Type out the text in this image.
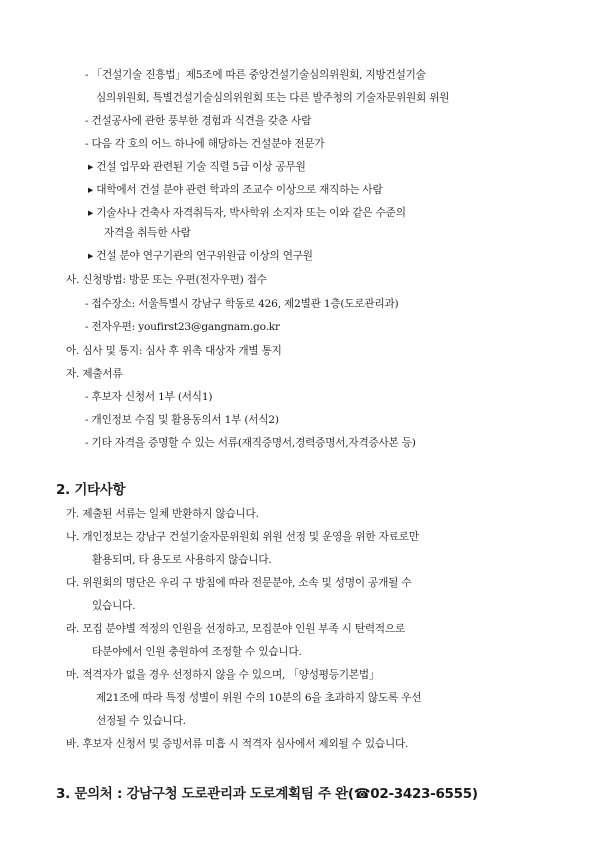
- 「건설기술 진흥법」제5조에 따른 중앙건설기술심의위원회, 지방건설기술
심의위원회, 특별건설기술심의위원회 또는 다른 발주청의 기술자문위원회 위원
- 건설공사에 관한 풍부한 경험과 식견을 갖춘 사람
- 다음 각 호의 어느 하나에 해당하는 건설분야 전문가
▸ 건설 업무와 관련된 기술 직렬 5급 이상 공무원
▸ 대학에서 건설 분야 관련 학과의 조교수 이상으로 재직하는 사람
▸ 기술사나 건축사 자격취득자, 박사학위 소지자 또는 이와 같은 수준의
자격을 취득한 사람
▸ 건설 분야 연구기관의 연구위원급 이상의 연구원
사. 신청방법: 방문 또는 우편(전자우편) 접수
- 접수장소: 서울특별시 강남구 학동로 426, 제2별관 1층(도로관리과)
- 전자우편: youfirst23@gangnam.go.kr
아. 심사 및 통지: 심사 후 위촉 대상자 개별 통지
자. 제출서류
- 후보자 신청서 1부 (서식1)
- 개인정보 수집 및 활용동의서 1부 (서식2)
- 기타 자격을 증명할 수 있는 서류(재직증명서,경력증명서,자격증사본 등)
2. 기타사항
가. 제출된 서류는 일체 반환하지 않습니다.
나. 개인정보는 강남구 건설기술자문위원회 위원 선정 및 운영을 위한 자료로만
활용되며, 타 용도로 사용하지 않습니다.
다. 위원회의 명단은 우리 구 방침에 따라 전문분야, 소속 및 성명이 공개될 수
있습니다.
라. 모집 분야별 적정의 인원을 선정하고, 모집분야 인원 부족 시 탄력적으로
타분야에서 인원 충원하여 조정할 수 있습니다.
마. 적격자가 없을 경우 선정하지 않을 수 있으며, 「양성평등기본법」
제21조에 따라 특정 성별이 위원 수의 10분의 6을 초과하지 않도록 우선
선정될 수 있습니다.
바. 후보자 신청서 및 증빙서류 미흡 시 적격자 심사에서 제외될 수 있습니다.
3. 문의처 : 강남구청 도로관리과 도로계획팀 주 완(☎02-3423-6555)
